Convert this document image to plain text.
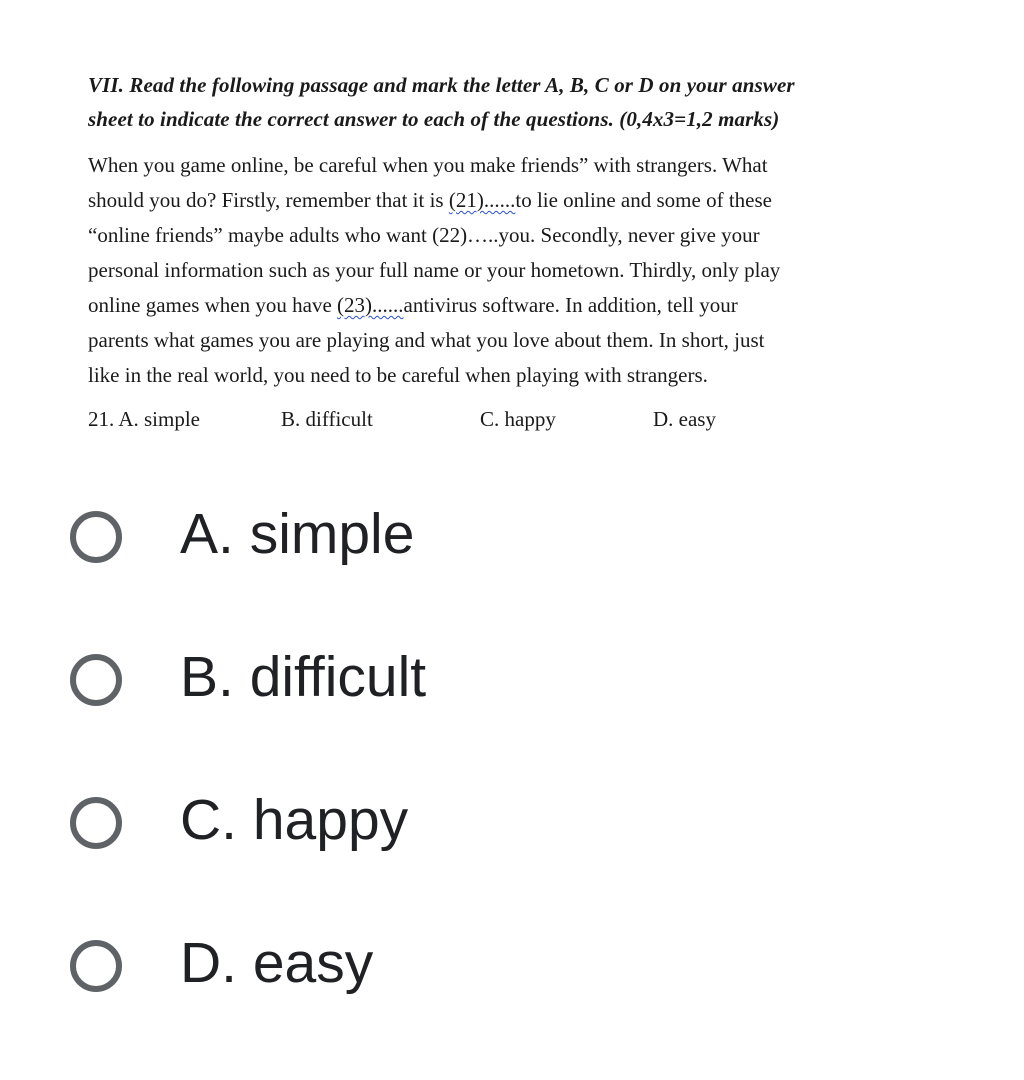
VII. Read the following passage and mark the letter A, B, C or D on your answer
sheet to indicate the correct answer to each of the questions. (0,4x3=1,2 marks)

When you game online, be careful when you make friends” with strangers. What
should you do? Firstly, remember that it is (21)......to lie online and some of these
“online friends” maybe adults who want (22)…..you. Secondly, never give your
personal information such as your full name or your hometown. Thirdly, only play
online games when you have (23)......antivirus software. In addition, tell your
parents what games you are playing and what you love about them. In short, just
like in the real world, you need to be careful when playing with strangers.
21. A. simple	B. difficult	C. happy	D. easy
A. simple
B. difficult
C. happy
D. easy
